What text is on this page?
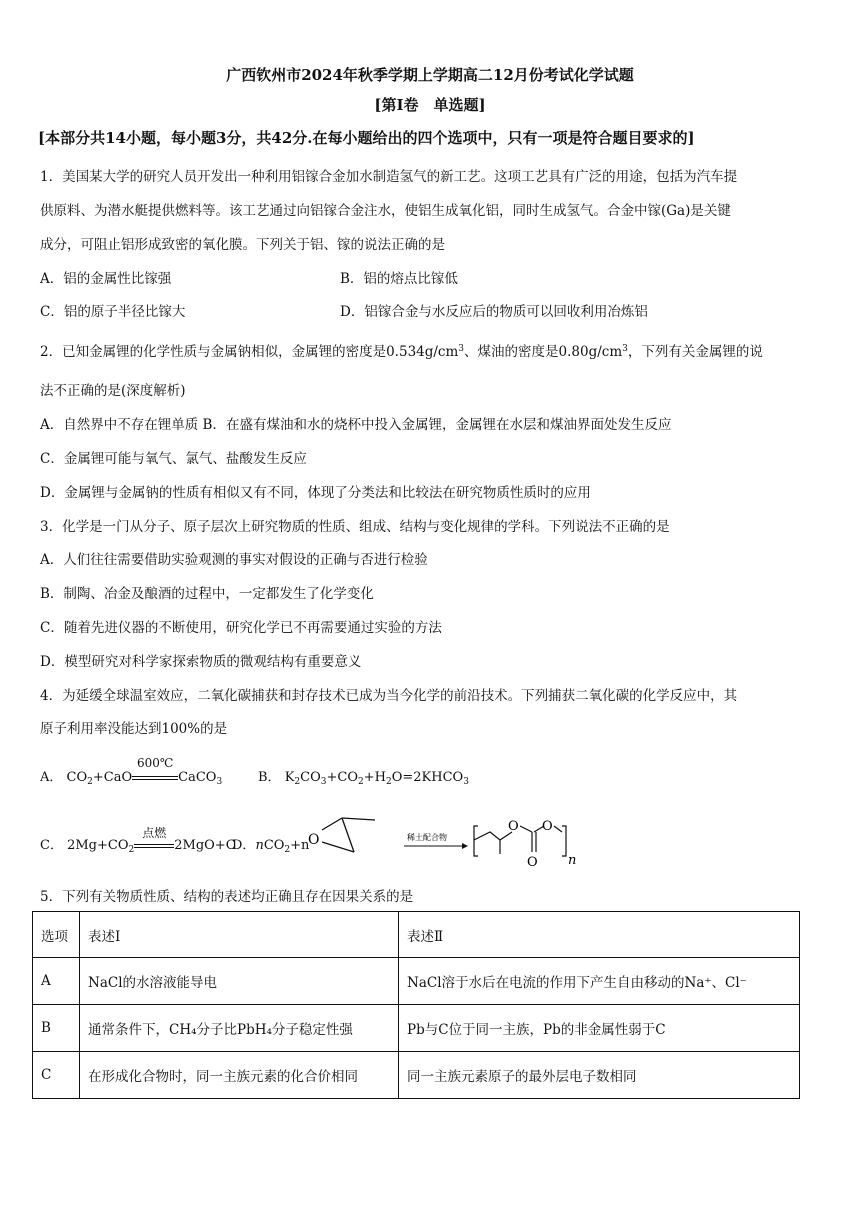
广西钦州市2024年秋季学期上学期高二12月份考试化学试题
[第Ⅰ卷　单选题]
[本部分共14小题，每小题3分，共42分.在每小题给出的四个选项中，只有一项是符合题目要求的]
1．美国某大学的研究人员开发出一种利用铝镓合金加水制造氢气的新工艺。这项工艺具有广泛的用途，包括为汽车提
供原料、为潜水艇提供燃料等。该工艺通过向铝镓合金注水，使铝生成氧化铝，同时生成氢气。合金中镓(Ga)是关键
成分，可阻止铝形成致密的氧化膜。下列关于铝、镓的说法正确的是
A．铝的金属性比镓强	B．铝的熔点比镓低
C．铝的原子半径比镓大	D．铝镓合金与水反应后的物质可以回收利用冶炼铝
2．已知金属锂的化学性质与金属钠相似，金属锂的密度是$0.534g/cm^3$、煤油的密度是$0.80g/cm^3$，下列有关金属锂的说
法不正确的是(深度解析)
A．自然界中不存在锂单质 B．在盛有煤油和水的烧杯中投入金属锂，金属锂在水层和煤油界面处发生反应
C．金属锂可能与氧气、氯气、盐酸发生反应
D．金属锂与金属钠的性质有相似又有不同，体现了分类法和比较法在研究物质性质时的应用
3．化学是一门从分子、原子层次上研究物质的性质、组成、结构与变化规律的学科。下列说法不正确的是
A．人们往往需要借助实验观测的事实对假设的正确与否进行检验
B．制陶、冶金及酿酒的过程中，一定都发生了化学变化
C．随着先进仪器的不断使用，研究化学已不再需要通过实验的方法
D．模型研究对科学家探索物质的微观结构有重要意义
4．为延缓全球温室效应，二氧化碳捕获和封存技术已成为当今化学的前沿技术。下列捕获二氧化碳的化学反应中，其
原子利用率没能达到100%的是
A． $CO_2+CaO$
600℃
CaCO$_3$	B． $K_2CO_3+CO_2+H_2O=2KHCO_3$
C． $2Mg+CO_2$
点燃
2MgO+C
D．nCO$_2$+n
O	稀土配合物
O
O
O
n
5．下列有关物质性质、结构的表述均正确且存在因果关系的是
选项	表述Ⅰ	表述Ⅱ
A	NaCl的水溶液能导电	NaCl溶于水后在电流的作用下产生自由移动的Na⁺、Cl⁻
B	通常条件下，CH₄分子比PbH₄分子稳定性强	Pb与C位于同一主族，Pb的非金属性弱于C
C	在形成化合物时，同一主族元素的化合价相同	同一主族元素原子的最外层电子数相同
